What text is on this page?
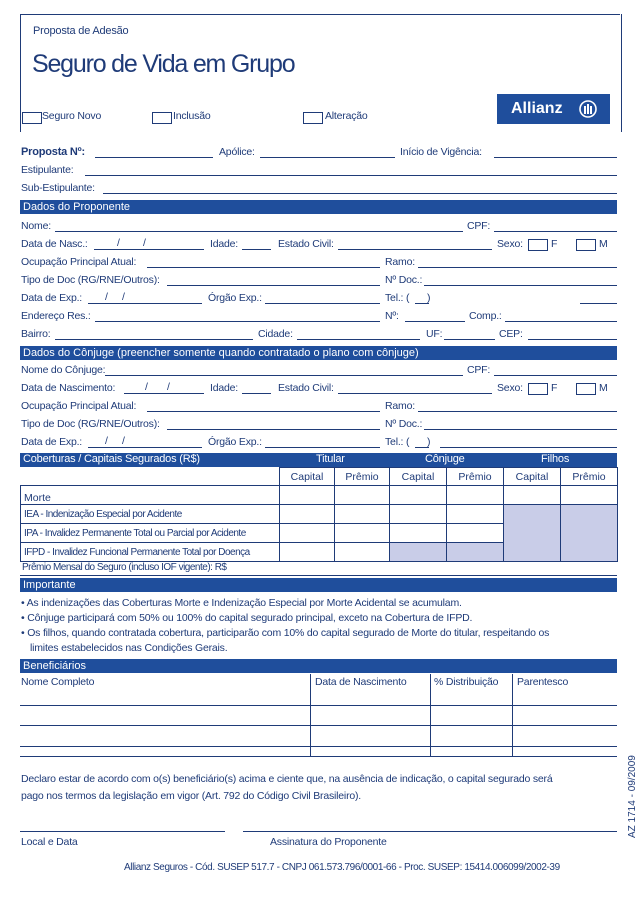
Proposta de Adesão
Seguro de Vida em Grupo
Seguro Novo	Inclusão	Alteração	Allianz
Proposta Nº:	Apólice:	Início de Vigência:
Estipulante:
Sub-Estipulante:
Dados do Proponente
Nome:	CPF:
Data de Nasc.:	/ /	Idade:	Estado Civil:	Sexo:	F	M
Ocupação Principal Atual:	Ramo:
Tipo de Doc (RG/RNE/Outros):	Nº Doc.:
Data de Exp.: / /	Órgão Exp.:	Tel.: ( )
Endereço Res.:	Nº:	Comp.:
Bairro:	Cidade:	UF:	CEP:
Dados do Cônjuge (preencher somente quando contratado o plano com cônjuge)
Nome do Cônjuge:	CPF:
Data de Nascimento:	/ /	Idade:	Estado Civil:	Sexo:	F	M
Ocupação Principal Atual:	Ramo:
Tipo de Doc (RG/RNE/Outros):	Nº Doc.:
Data de Exp.: / /	Órgão Exp.:	Tel.: ( )
Coberturas / Capitais Segurados (R$)	Titular	Cônjuge	Filhos
	Capital	Prêmio	Capital	Prêmio	Capital	Prêmio
Morte						
IEA - Indenização Especial por Acidente						
IPA - Invalidez Permanente Total ou Parcial por Acidente						
IFPD - Invalidez Funcional Permanente Total por Doença						
Prêmio Mensal do Seguro (incluso IOF vigente): R$
Importante
• As indenizações das Coberturas Morte e Indenização Especial por Morte Acidental se acumulam.
• Cônjuge participará com 50% ou 100% do capital segurado principal, exceto na Cobertura de IFPD.
• Os filhos, quando contratada cobertura, participarão com 10% do capital segurado de Morte do titular, respeitando os
limites estabelecidos nas Condições Gerais.
Beneficiários
Nome Completo	Data de Nascimento	% Distribuição Parentesco
Declaro estar de acordo com o(s) beneficiário(s) acima e ciente que, na ausência de indicação, o capital segurado será
pago nos termos da legislação em vigor (Art. 792 do Código Civil Brasileiro).
Local e Data	Assinatura do Proponente
Allianz Seguros - Cód. SUSEP 517.7 - CNPJ 061.573.796/0001-66 - Proc. SUSEP: 15414.006099/2002-39
AZ 1714 - 09/2009
